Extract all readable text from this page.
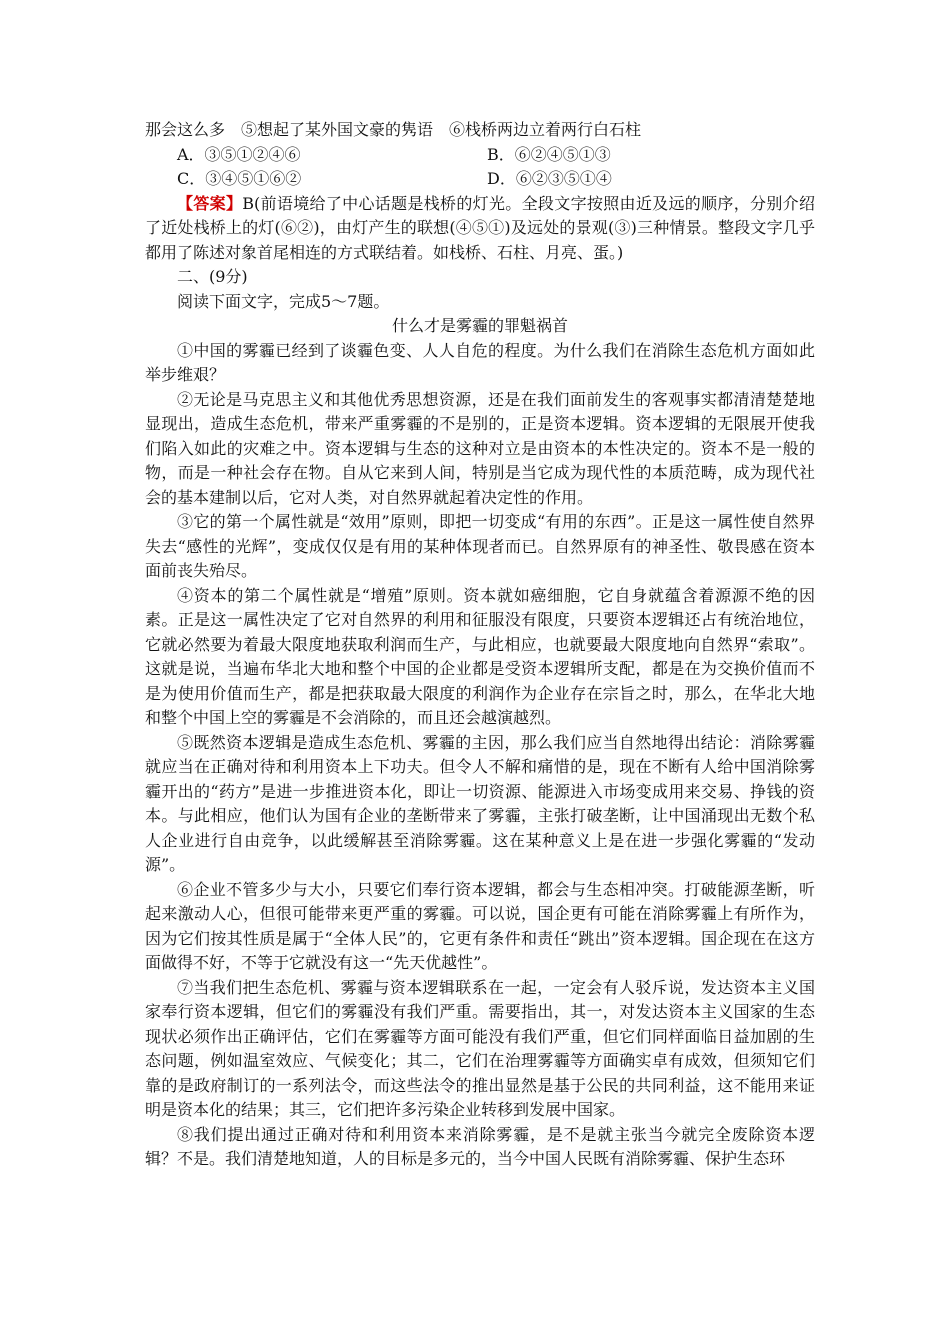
那会这么多　⑤想起了某外国文豪的隽语　⑥栈桥两边立着两行白石柱

A．③⑤①②④⑥	B．⑥②④⑤①③
C．③④⑤①⑥②	D．⑥②③⑤①④

【答案】B(前语境给了中心话题是栈桥的灯光。全段文字按照由近及远的顺序，分别介绍了近处栈桥上的灯(⑥②)，由灯产生的联想(④⑤①)及远处的景观(③)三种情景。整段文字几乎都用了陈述对象首尾相连的方式联结着。如栈桥、石柱、月亮、蛋。)

二、(9分)

阅读下面文字，完成5～7题。

什么才是雾霾的罪魁祸首

①中国的雾霾已经到了谈霾色变、人人自危的程度。为什么我们在消除生态危机方面如此举步维艰？

②无论是马克思主义和其他优秀思想资源，还是在我们面前发生的客观事实都清清楚楚地显现出，造成生态危机，带来严重雾霾的不是别的，正是资本逻辑。资本逻辑的无限展开使我们陷入如此的灾难之中。资本逻辑与生态的这种对立是由资本的本性决定的。资本不是一般的物，而是一种社会存在物。自从它来到人间，特别是当它成为现代性的本质范畴，成为现代社会的基本建制以后，它对人类，对自然界就起着决定性的作用。

③它的第一个属性就是“效用”原则，即把一切变成“有用的东西”。正是这一属性使自然界失去“感性的光辉”，变成仅仅是有用的某种体现者而已。自然界原有的神圣性、敬畏感在资本面前丧失殆尽。

④资本的第二个属性就是“增殖”原则。资本就如癌细胞，它自身就蕴含着源源不绝的因素。正是这一属性决定了它对自然界的利用和征服没有限度，只要资本逻辑还占有统治地位，它就必然要为着最大限度地获取利润而生产，与此相应，也就要最大限度地向自然界“索取”。这就是说，当遍布华北大地和整个中国的企业都是受资本逻辑所支配，都是在为交换价值而不是为使用价值而生产，都是把获取最大限度的利润作为企业存在宗旨之时，那么，在华北大地和整个中国上空的雾霾是不会消除的，而且还会越演越烈。

⑤既然资本逻辑是造成生态危机、雾霾的主因，那么我们应当自然地得出结论：消除雾霾就应当在正确对待和利用资本上下功夫。但令人不解和痛惜的是，现在不断有人给中国消除雾霾开出的“药方”是进一步推进资本化，即让一切资源、能源进入市场变成用来交易、挣钱的资本。与此相应，他们认为国有企业的垄断带来了雾霾，主张打破垄断，让中国涌现出无数个私人企业进行自由竞争，以此缓解甚至消除雾霾。这在某种意义上是在进一步强化雾霾的“发动源”。

⑥企业不管多少与大小，只要它们奉行资本逻辑，都会与生态相冲突。打破能源垄断，听起来激动人心，但很可能带来更严重的雾霾。可以说，国企更有可能在消除雾霾上有所作为，因为它们按其性质是属于“全体人民”的，它更有条件和责任“跳出”资本逻辑。国企现在在这方面做得不好，不等于它就没有这一“先天优越性”。

⑦当我们把生态危机、雾霾与资本逻辑联系在一起，一定会有人驳斥说，发达资本主义国家奉行资本逻辑，但它们的雾霾没有我们严重。需要指出，其一，对发达资本主义国家的生态现状必须作出正确评估，它们在雾霾等方面可能没有我们严重，但它们同样面临日益加剧的生态问题，例如温室效应、气候变化；其二，它们在治理雾霾等方面确实卓有成效，但须知它们靠的是政府制订的一系列法令，而这些法令的推出显然是基于公民的共同利益，这不能用来证明是资本化的结果；其三，它们把许多污染企业转移到发展中国家。

⑧我们提出通过正确对待和利用资本来消除雾霾，是不是就主张当今就完全废除资本逻辑？不是。我们清楚地知道，人的目标是多元的，当今中国人民既有消除雾霾、保护生态环
